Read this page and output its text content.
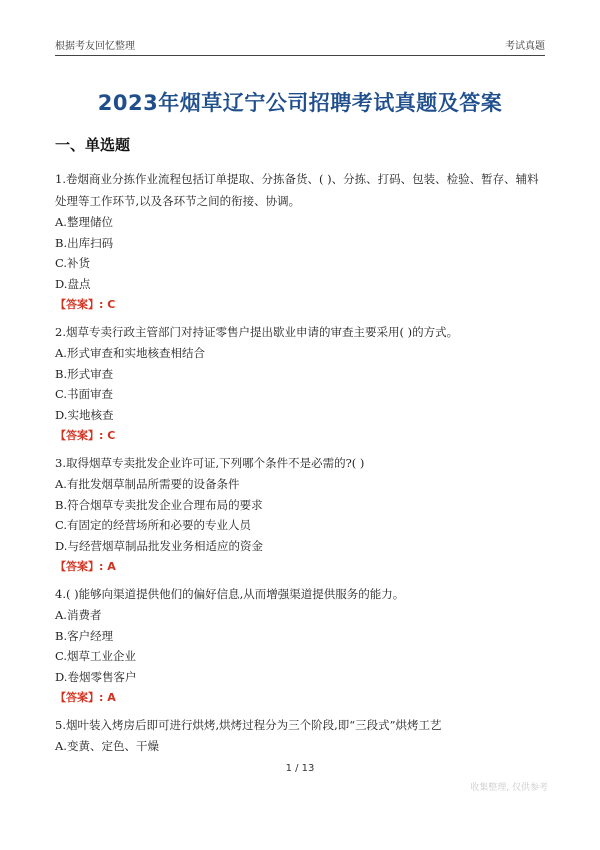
根据考友回忆整理	考试真题
2023年烟草辽宁公司招聘考试真题及答案
一、单选题

1.卷烟商业分拣作业流程包括订单提取、分拣备货、( )、分拣、打码、包装、检验、暂存、辅料处理等工作环节,以及各环节之间的衔接、协调。

A.整理储位

B.出库扫码

C.补货

D.盘点

【答案】: C

2.烟草专卖行政主管部门对持证零售户提出歇业申请的审查主要采用( )的方式。

A.形式审查和实地核查相结合

B.形式审查

C.书面审查

D.实地核查

【答案】: C

3.取得烟草专卖批发企业许可证,下列哪个条件不是必需的?( )

A.有批发烟草制品所需要的设备条件

B.符合烟草专卖批发企业合理布局的要求

C.有固定的经营场所和必要的专业人员

D.与经营烟草制品批发业务相适应的资金

【答案】: A

4.( )能够向渠道提供他们的偏好信息,从而增强渠道提供服务的能力。

A.消费者

B.客户经理

C.烟草工业企业

D.卷烟零售客户

【答案】: A

5.烟叶装入烤房后即可进行烘烤,烘烤过程分为三个阶段,即“三段式”烘烤工艺

A.变黄、定色、干燥

1 / 13
收集整理, 仅供参考
